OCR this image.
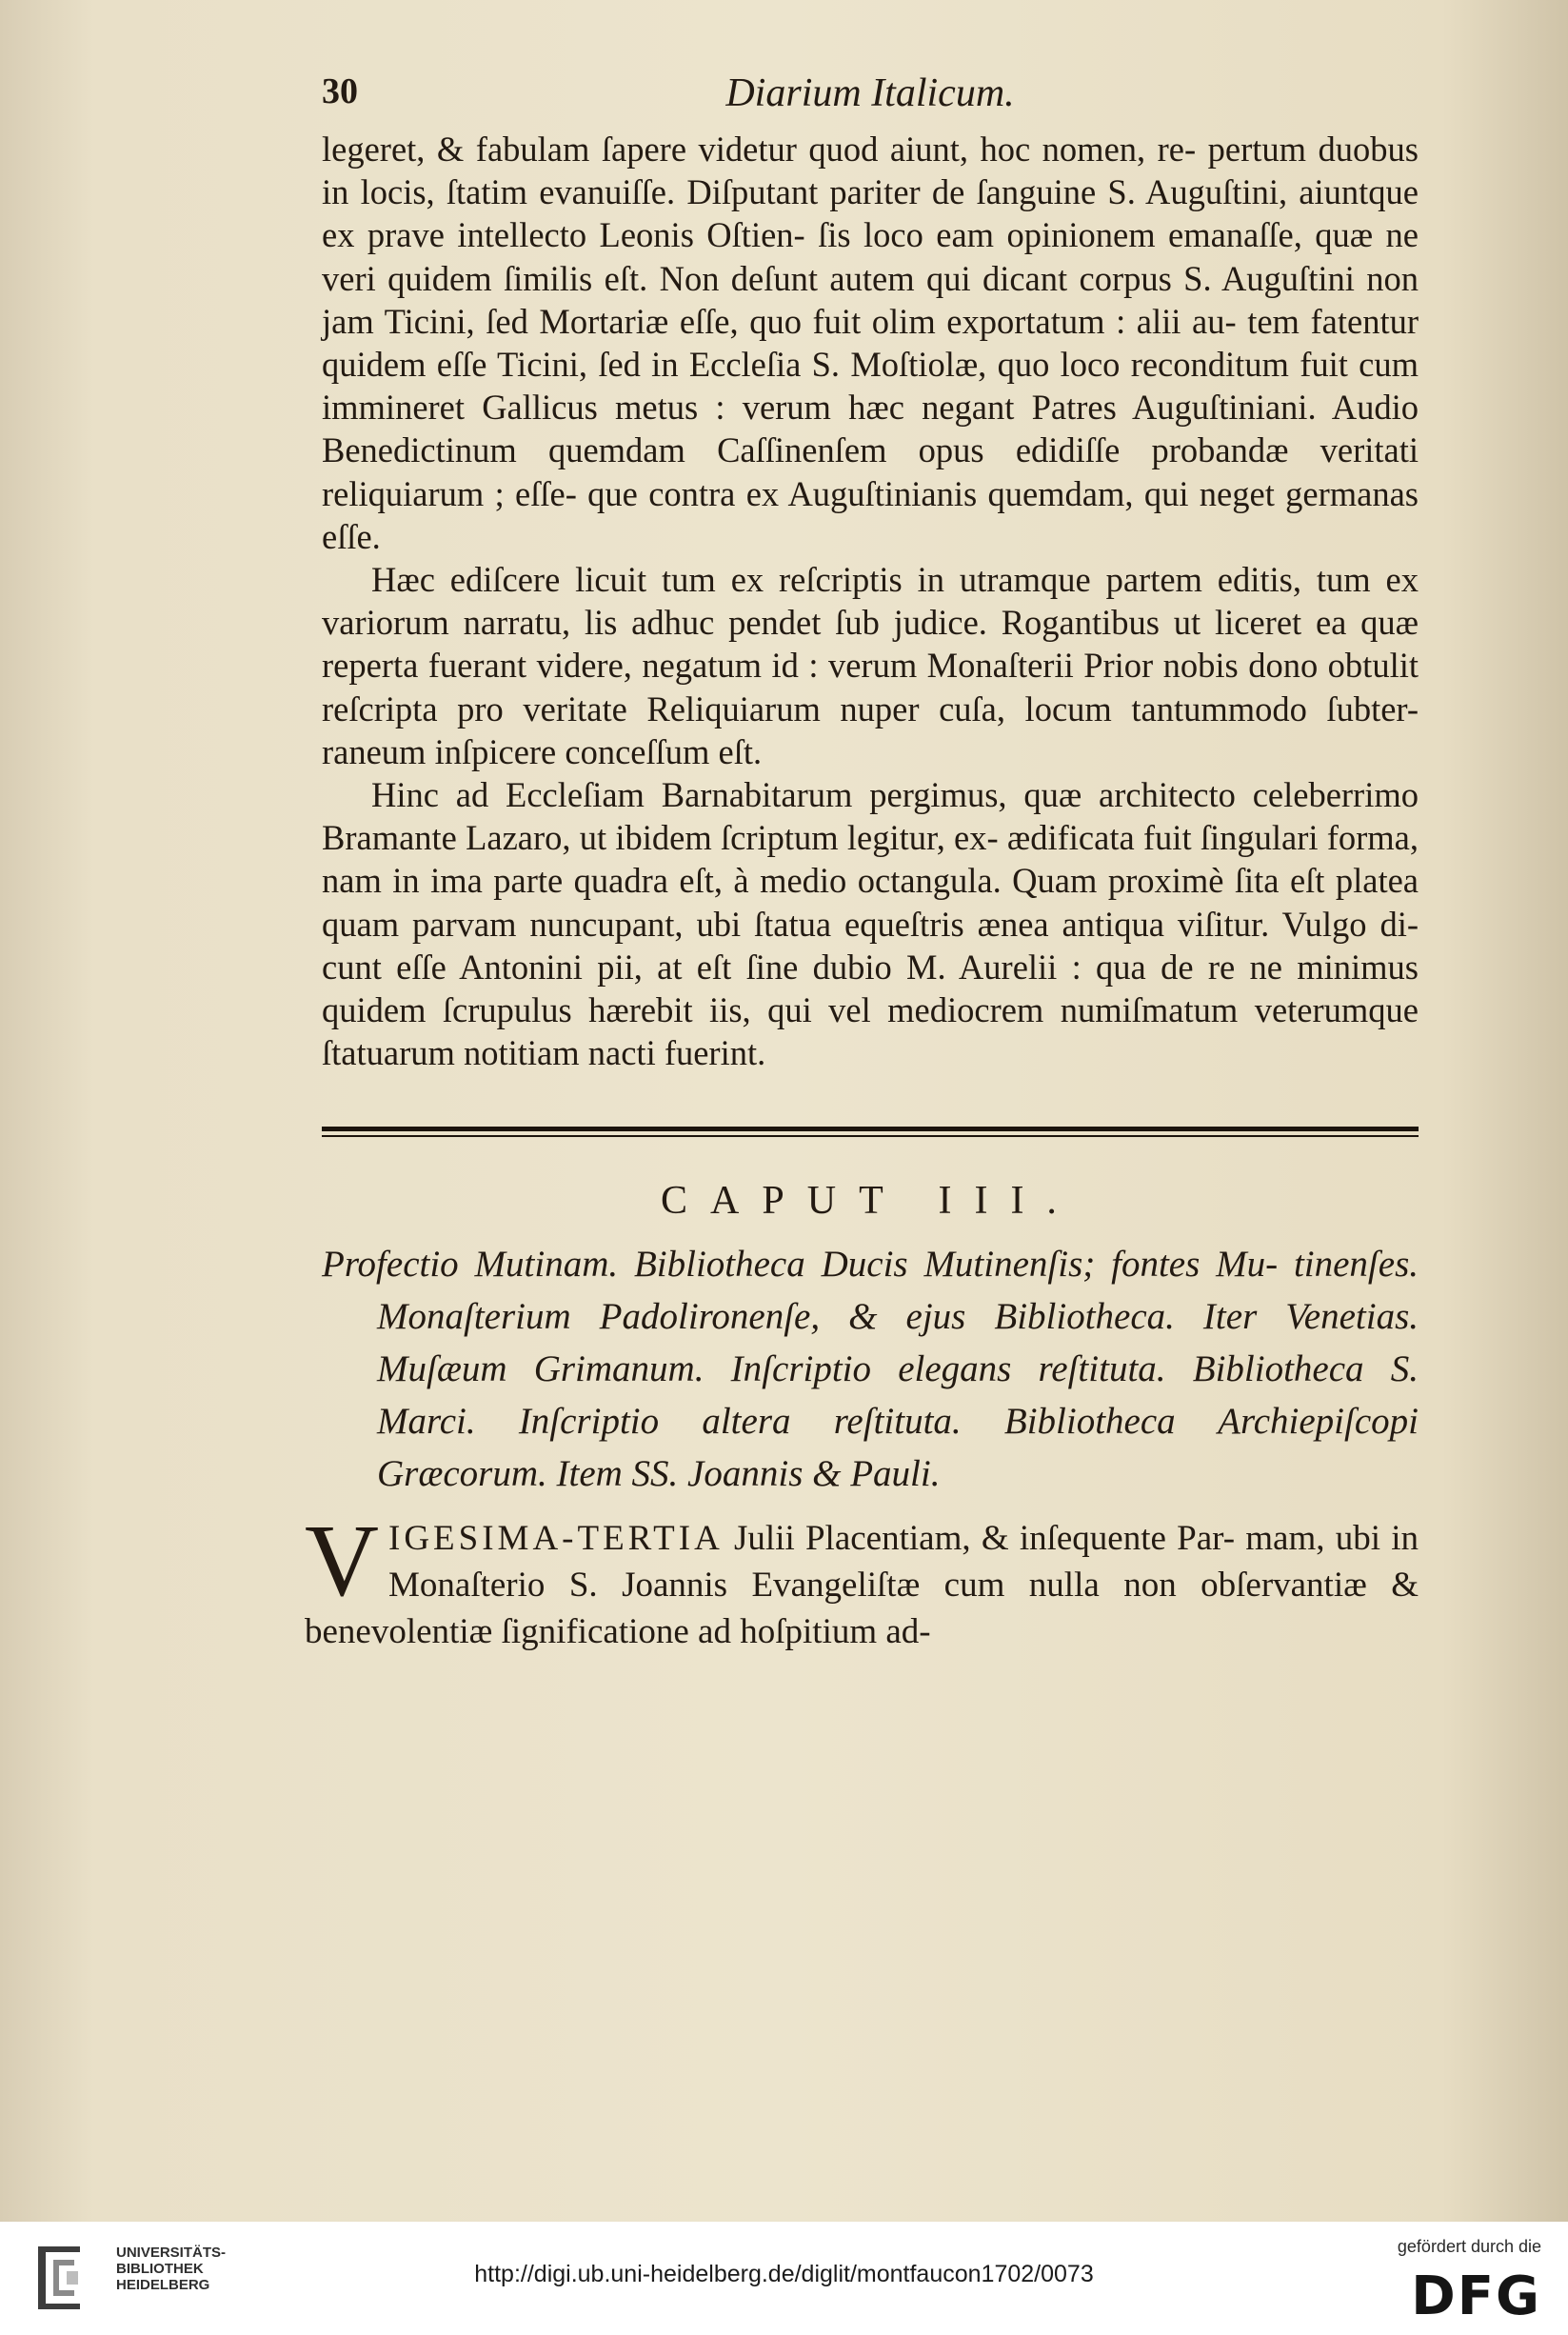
30	Diarium Italicum.

legeret, & fabulam ſapere videtur quod aiunt, hoc nomen, re- pertum duobus in locis, ſtatim evanuiſſe. Diſputant pariter de ſanguine S. Auguſtini, aiuntque ex prave intellecto Leonis Oſtien- ſis loco eam opinionem emanaſſe, quæ ne veri quidem ſimilis eſt. Non deſunt autem qui dicant corpus S. Auguſtini non jam Ticini, ſed Mortariæ eſſe, quo fuit olim exportatum : alii au- tem fatentur quidem eſſe Ticini, ſed in Eccleſia S. Moſtiolæ, quo loco reconditum fuit cum immineret Gallicus metus : verum hæc negant Patres Auguſtiniani. Audio Benedictinum quemdam Caſſinenſem opus edidiſſe probandæ veritati reliquiarum ; eſſe- que contra ex Auguſtinianis quemdam, qui neget germanas eſſe.

Hæc ediſcere licuit tum ex reſcriptis in utramque partem editis, tum ex variorum narratu, lis adhuc pendet ſub judice. Rogantibus ut liceret ea quæ reperta fuerant videre, negatum id : verum Monaſterii Prior nobis dono obtulit reſcripta pro veritate Reliquiarum nuper cuſa, locum tantummodo ſubter- raneum inſpicere conceſſum eſt.

Hinc ad Eccleſiam Barnabitarum pergimus, quæ architecto celeberrimo Bramante Lazaro, ut ibidem ſcriptum legitur, ex- ædificata fuit ſingulari forma, nam in ima parte quadra eſt, à medio octangula. Quam proximè ſita eſt platea quam parvam nuncupant, ubi ſtatua equeſtris ænea antiqua viſitur. Vulgo di- cunt eſſe Antonini pii, at eſt ſine dubio M. Aurelii : qua de re ne minimus quidem ſcrupulus hærebit iis, qui vel mediocrem numiſmatum veterumque ſtatuarum notitiam nacti fuerint.

CAPUT III.
Profectio Mutinam. Bibliotheca Ducis Mutinenſis; fontes Mu- tinenſes. Monaſterium Padolironenſe, & ejus Bibliotheca. Iter Venetias. Muſæum Grimanum. Inſcriptio elegans reſtituta. Bibliotheca S. Marci. Inſcriptio altera reſtituta. Bibliotheca Archiepiſcopi Græcorum. Item SS. Joannis & Pauli.
V IGESIMA-TERTIA Julii Placentiam, & inſequente Par- mam, ubi in Monaſterio S. Joannis Evangeliſtæ cum nulla non obſervantiæ & benevolentiæ ſignificatione ad hoſpitium ad-
UNIVERSITÄTS-
BIBLIOTHEK
HEIDELBERG	http://digi.ub.uni-heidelberg.de/diglit/montfaucon1702/0073
gefördert durch die
DFG
